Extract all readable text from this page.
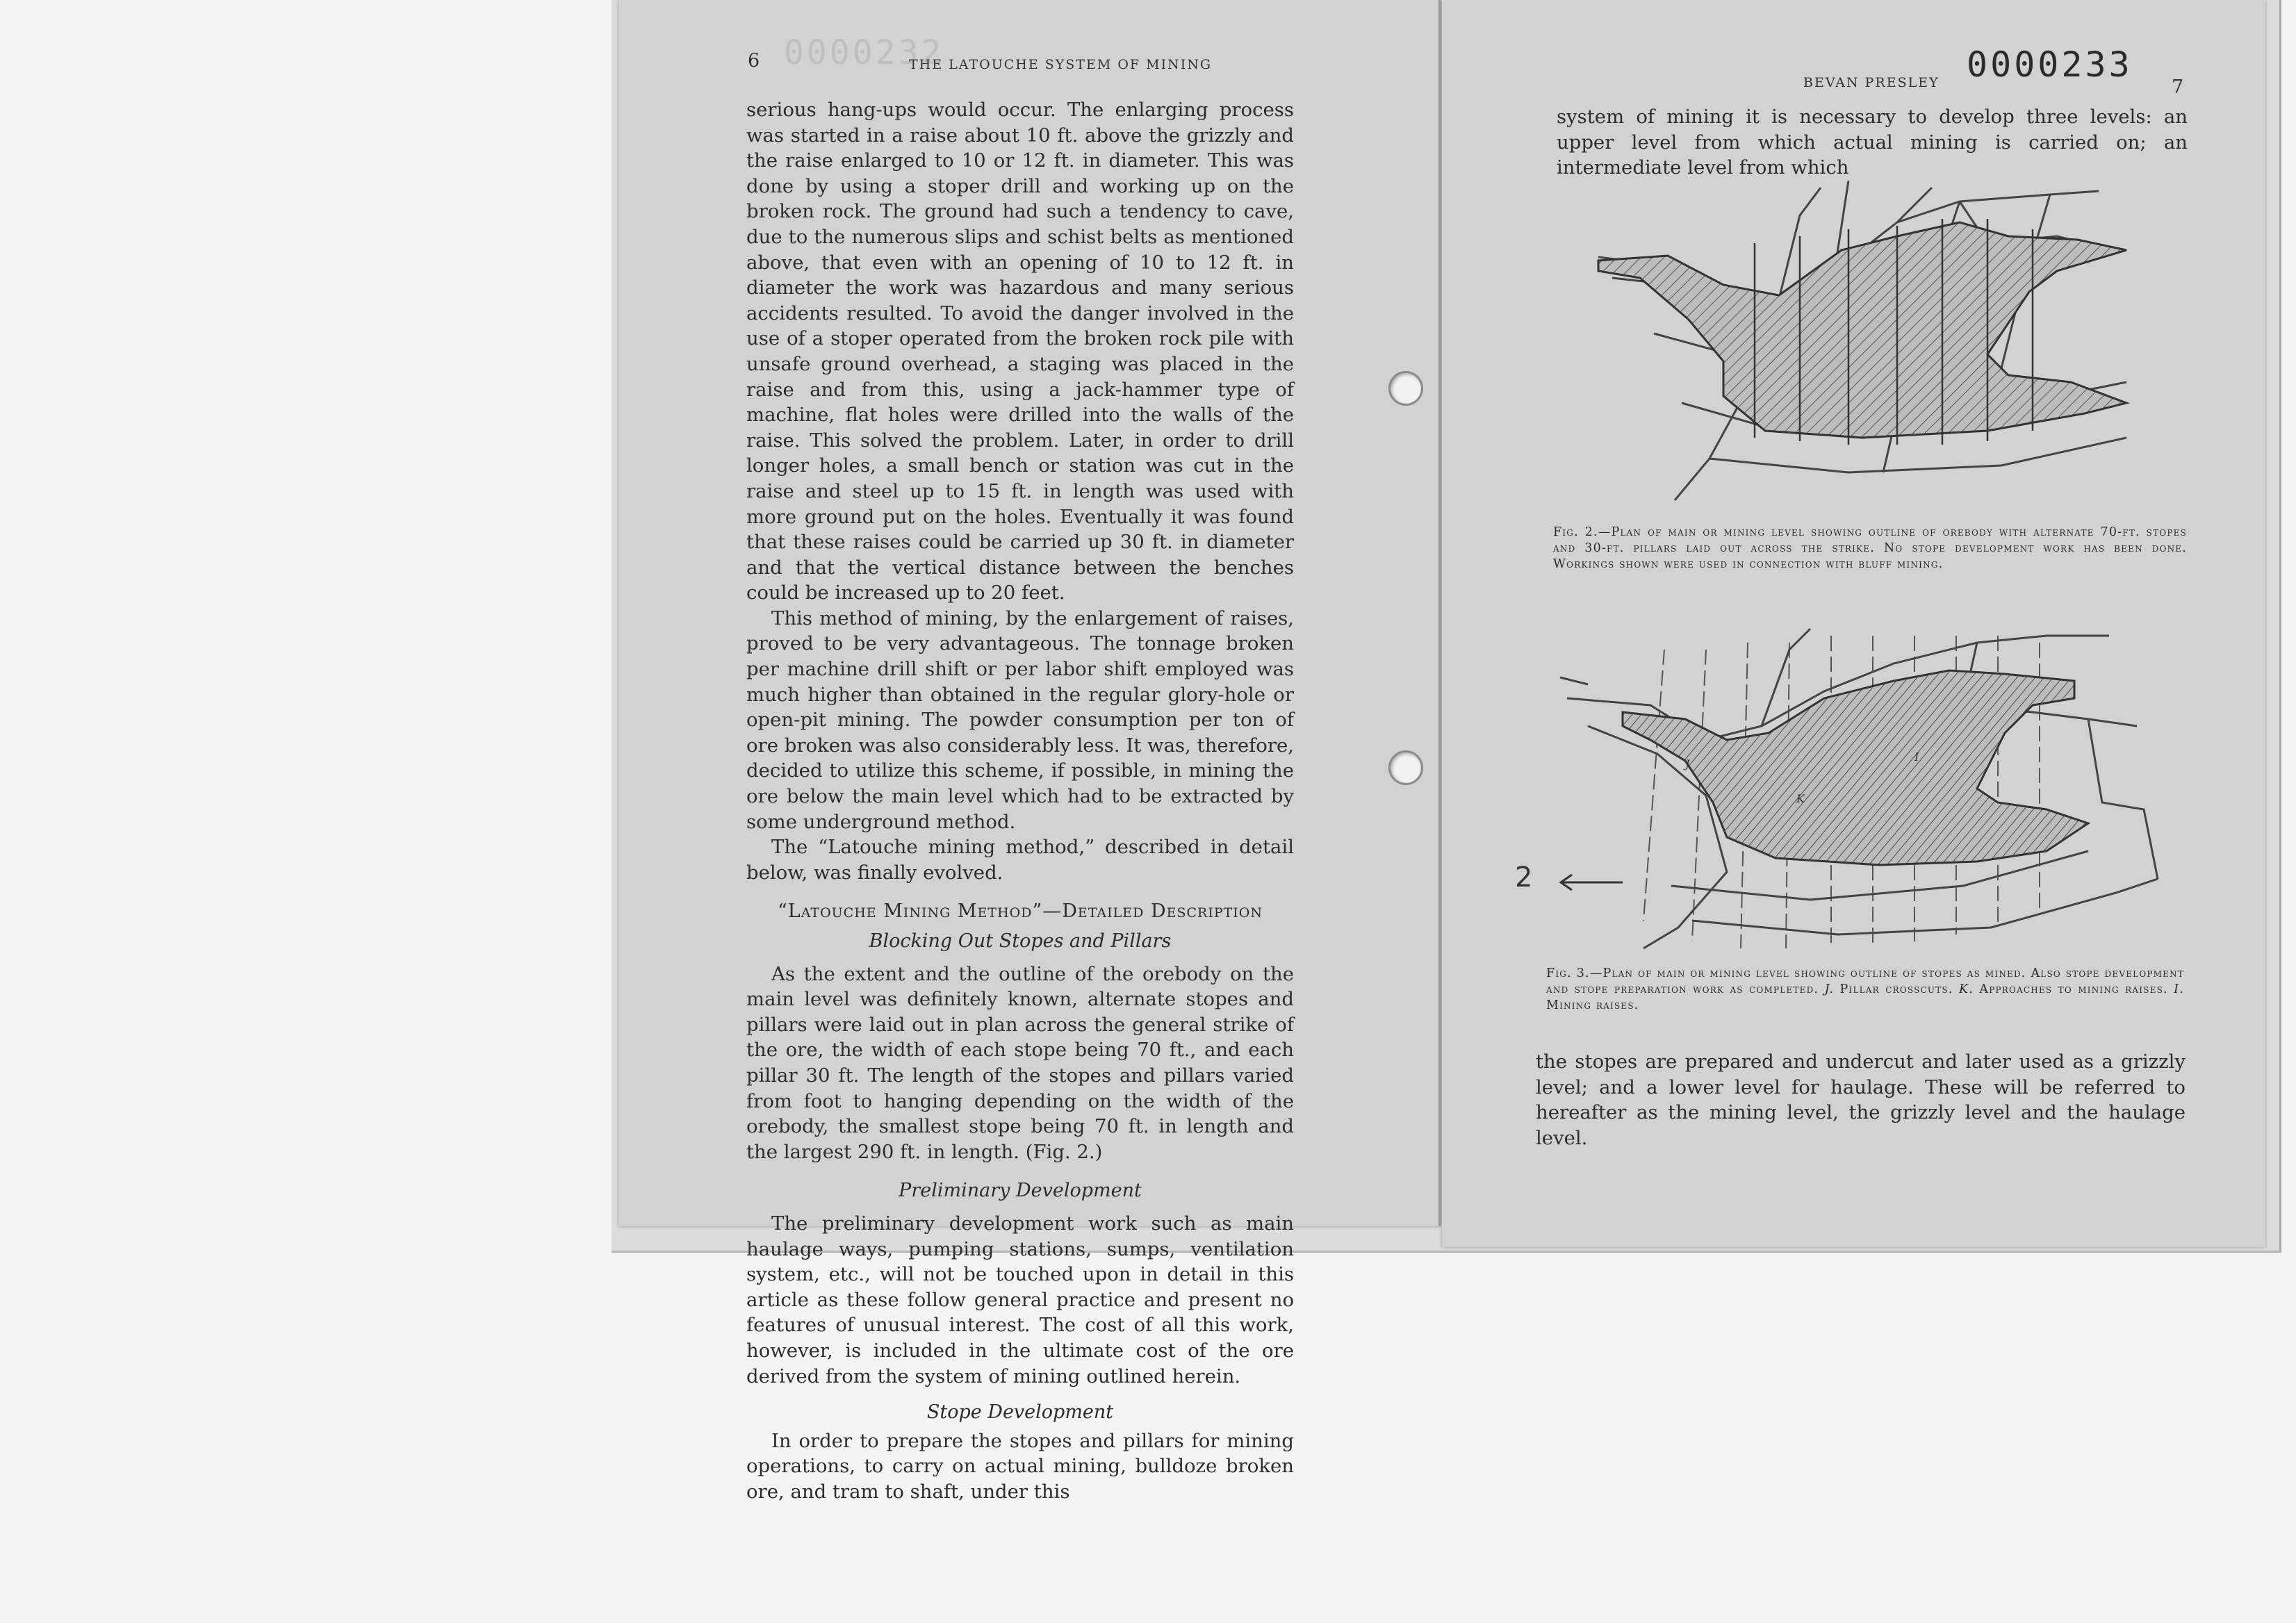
0000232
6	THE LATOUCHE SYSTEM OF MINING

serious hang-ups would occur. The enlarging process was started in a raise about 10 ft. above the grizzly and the raise enlarged to 10 or 12 ft. in diameter. This was done by using a stoper drill and working up on the broken rock. The ground had such a tendency to cave, due to the numerous slips and schist belts as mentioned above, that even with an opening of 10 to 12 ft. in diameter the work was hazardous and many serious accidents resulted. To avoid the danger involved in the use of a stoper operated from the broken rock pile with unsafe ground overhead, a staging was placed in the raise and from this, using a jack-hammer type of machine, flat holes were drilled into the walls of the raise. This solved the problem. Later, in order to drill longer holes, a small bench or station was cut in the raise and steel up to 15 ft. in length was used with more ground put on the holes. Eventually it was found that these raises could be carried up 30 ft. in diameter and that the vertical distance between the benches could be increased up to 20 feet.

This method of mining, by the enlargement of raises, proved to be very advantageous. The tonnage broken per machine drill shift or per labor shift employed was much higher than obtained in the regular glory-hole or open-pit mining. The powder consumption per ton of ore broken was also considerably less. It was, therefore, decided to utilize this scheme, if possible, in mining the ore below the main level which had to be extracted by some underground method.

The “Latouche mining method,” described in detail below, was finally evolved.

“Latouche Mining Method”—Detailed Description
Blocking Out Stopes and Pillars

As the extent and the outline of the orebody on the main level was definitely known, alternate stopes and pillars were laid out in plan across the general strike of the ore, the width of each stope being 70 ft., and each pillar 30 ft. The length of the stopes and pillars varied from foot to hanging depending on the width of the orebody, the smallest stope being 70 ft. in length and the largest 290 ft. in length. (Fig. 2.)

Preliminary Development

The preliminary development work such as main haulage ways, pumping stations, sumps, ventilation system, etc., will not be touched upon in detail in this article as these follow general practice and present no features of unusual interest. The cost of all this work, however, is included in the ultimate cost of the ore derived from the system of mining outlined herein.

Stope Development

In order to prepare the stopes and pillars for mining operations, to carry on actual mining, bulldoze broken ore, and tram to shaft, under this

BEVAN PRESLEY 0000233
7

system of mining it is necessary to develop three levels: an upper level from which actual mining is carried on; an intermediate level from which

Fig. 2.—Plan of main or mining level showing outline of orebody with alternate 70-ft. stopes and 30-ft. pillars laid out across the strike. No stope development work has been done. Workings shown were used in connection with bluff mining.
J
K
I
Fig. 3.—Plan of main or mining level showing outline of stopes as mined. Also stope development and stope preparation work as completed. J. Pillar crosscuts. K. Approaches to mining raises. I. Mining raises.

the stopes are prepared and undercut and later used as a grizzly level; and a lower level for haulage. These will be referred to hereafter as the mining level, the grizzly level and the haulage level.

2
